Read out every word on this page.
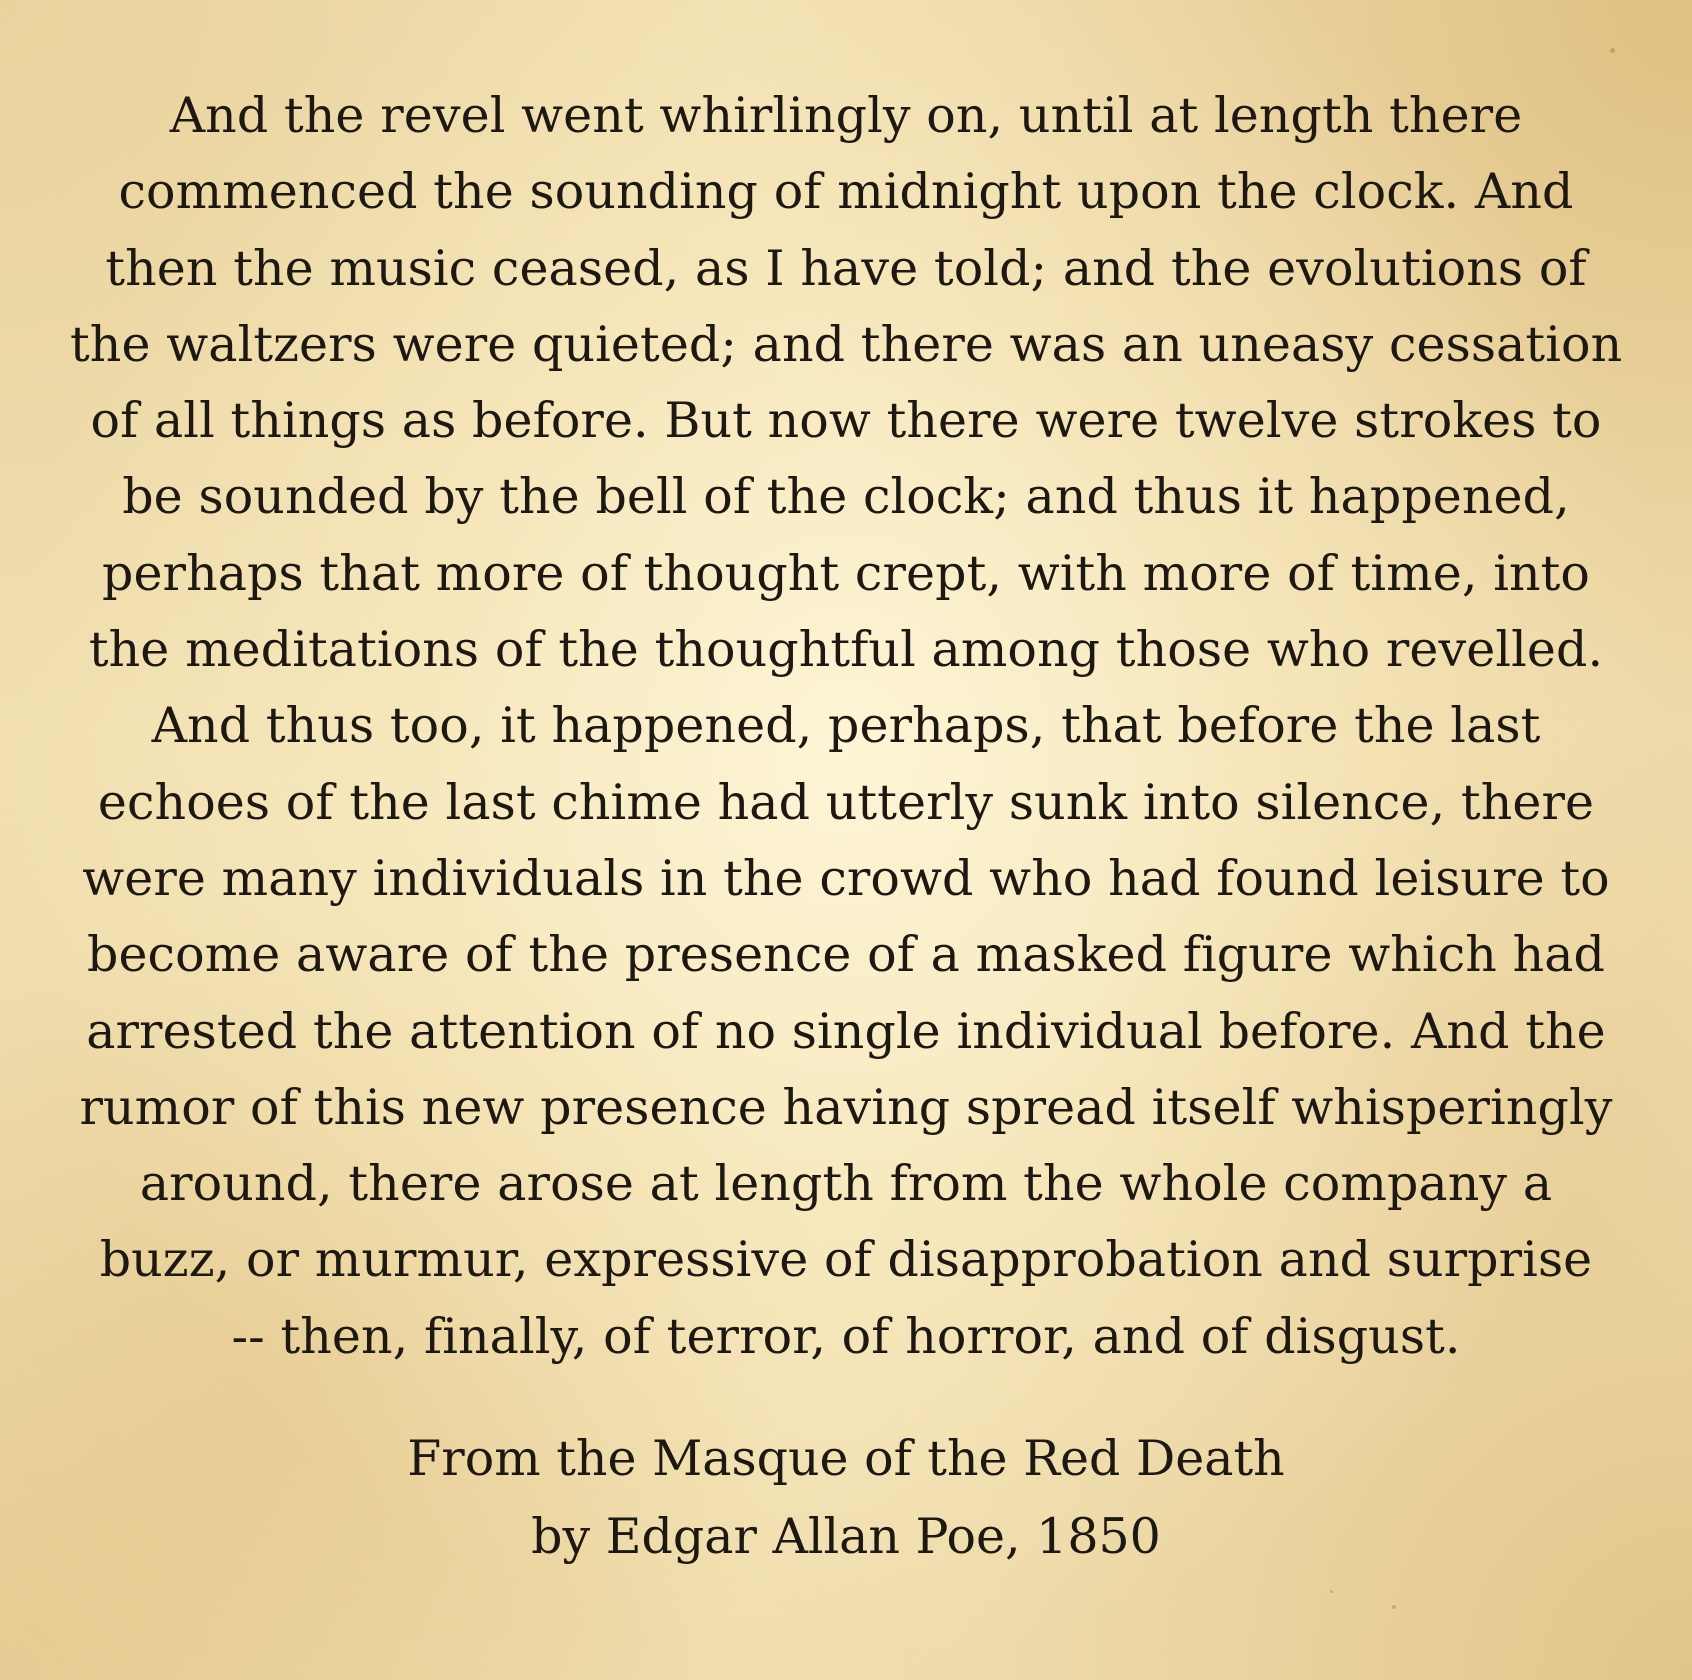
And the revel went whirlingly on, until at length there
commenced the sounding of midnight upon the clock. And
then the music ceased, as I have told; and the evolutions of
the waltzers were quieted; and there was an uneasy cessation
of all things as before. But now there were twelve strokes to
be sounded by the bell of the clock; and thus it happened,
perhaps that more of thought crept, with more of time, into
the meditations of the thoughtful among those who revelled.
And thus too, it happened, perhaps, that before the last
echoes of the last chime had utterly sunk into silence, there
were many individuals in the crowd who had found leisure to
become aware of the presence of a masked figure which had
arrested the attention of no single individual before. And the
rumor of this new presence having spread itself whisperingly
around, there arose at length from the whole company a
buzz, or murmur, expressive of disapprobation and surprise
-- then, finally, of terror, of horror, and of disgust.
From the Masque of the Red Death
by Edgar Allan Poe, 1850
